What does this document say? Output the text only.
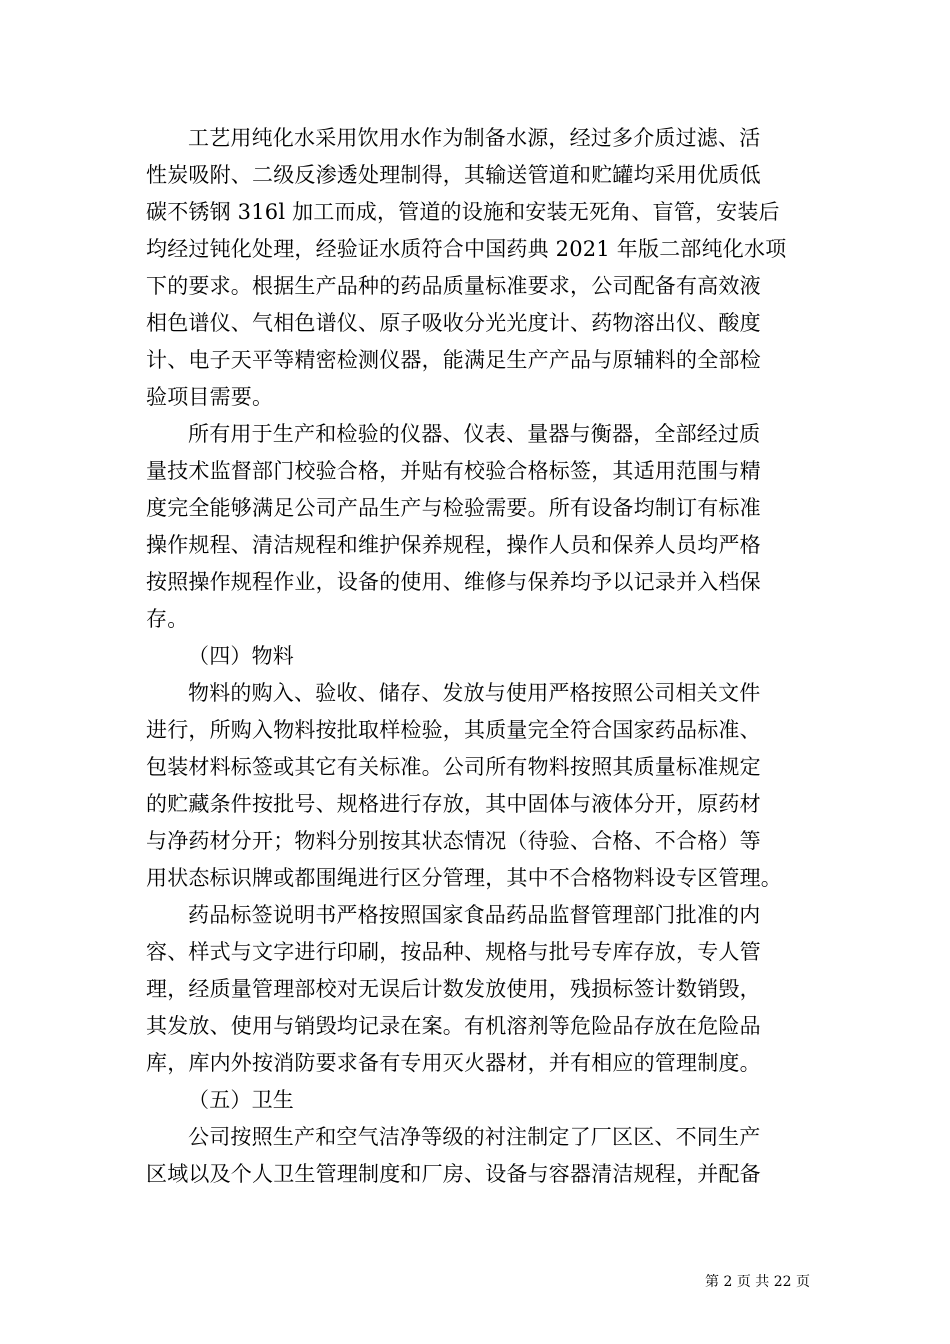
工艺用纯化水采用饮用水作为制备水源，经过多介质过滤、活
性炭吸附、二级反渗透处理制得，其输送管道和贮罐均采用优质低
碳不锈钢 316l 加工而成，管道的设施和安装无死角、盲管，安装后
均经过钝化处理，经验证水质符合中国药典 2021 年版二部纯化水项
下的要求。根据生产品种的药品质量标准要求，公司配备有高效液
相色谱仪、气相色谱仪、原子吸收分光光度计、药物溶出仪、酸度
计、电子天平等精密检测仪器，能满足生产产品与原辅料的全部检
验项目需要。
所有用于生产和检验的仪器、仪表、量器与衡器，全部经过质
量技术监督部门校验合格，并贴有校验合格标签，其适用范围与精
度完全能够满足公司产品生产与检验需要。所有设备均制订有标准
操作规程、清洁规程和维护保养规程，操作人员和保养人员均严格
按照操作规程作业，设备的使用、维修与保养均予以记录并入档保
存。
（四）物料
物料的购入、验收、储存、发放与使用严格按照公司相关文件
进行，所购入物料按批取样检验，其质量完全符合国家药品标准、
包装材料标签或其它有关标准。公司所有物料按照其质量标准规定
的贮藏条件按批号、规格进行存放，其中固体与液体分开，原药材
与净药材分开；物料分别按其状态情况（待验、合格、不合格）等
用状态标识牌或都围绳进行区分管理，其中不合格物料设专区管理。
药品标签说明书严格按照国家食品药品监督管理部门批准的内
容、样式与文字进行印刷，按品种、规格与批号专库存放，专人管
理，经质量管理部校对无误后计数发放使用，残损标签计数销毁，
其发放、使用与销毁均记录在案。有机溶剂等危险品存放在危险品
库，库内外按消防要求备有专用灭火器材，并有相应的管理制度。
（五）卫生
公司按照生产和空气洁净等级的衬注制定了厂区区、不同生产
区域以及个人卫生管理制度和厂房、设备与容器清洁规程，并配备
第 2 页 共 22 页
